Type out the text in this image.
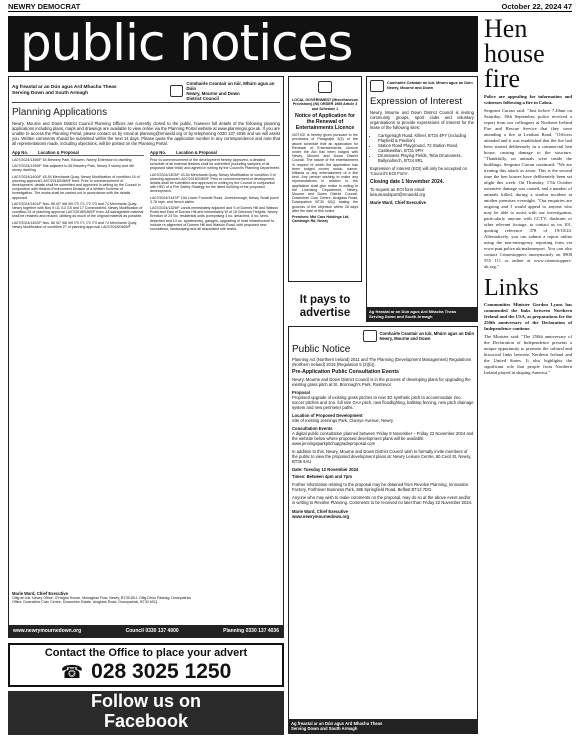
NEWRY DEMOCRAT	October 22, 2024 47
public notices
Ag freastal ar an Dún agus Ard Mhacha Theas
Serving Down and South Armagh
Comhairle Ceantair an Iúir, Mhúrn agus an Dúin
Newry, Mourne and Down
District Council
Planning Applications

Newry, Mourne and Down District Council Planning Offices are currently closed to the public, however full details of the following planning applications including plans, maps and drawings are available to view online via the Planning Portal website at www.planningni.gov.uk. If you are unable to access the Planning Portal, please contact us by email at planning@nmandd.org or by telephoning 0330 137 4036 and we will assist you. Written comments should be submitted within the next 14 days. Please quote the application number in any correspondence and note that all representations made, including objections, will be posted on the Planning Portal.

App No. Location & Proposal

LA07/2024/1398/F 54 Brewery Park, Killowen, Newry Extension to dwelling

LA07/2024/1399/F Site adjacent to 56 Brewery Park, Newry 3 storey and 4th storey dwelling

LA07/2024/1400/F 45-54 Merchants Quay, Newry Modification of condition 16 of planning approval LA07/2018/0469/F from: Prior to commencement of development, details shall be submitted and approved in writing by the Council in conjunction with Historic Environment Division of a Written Scheme of Investigation. The works shall be carried out in accordance with the details approved.

LA07/2024/1401/F Nos. 66 /67 /68 /69 /70 /71 /72 /73 and 74 Merchants Quay, Newry together with Nos 9 /11 /13 /15 and 17 Commonfield, Newry Modification of condition 24 of planning approval LA07/2018/0469/F from: All salvageable material shall be retained and reused, utilising as much of the original material as possible.

LA07/2024/1402/F Nos. 66 /67 /68 /69 /70 /71 /72 /73 and 74 Merchants Quay, Newry Modification of condition 27 of planning approval LA07/2018/0469/F

App No. Location & Proposal

Prior to commencement of the development hereby approved, a detailed schedule of all external finishes shall be submitted (including samples of all proposed slate brick) and agreed in writing by the Council's Planning Department.

LA07/2024/1403/F 43-54 Merchants Quay, Newry Modification of condition 3 of planning approval LA07/2018/0469/F. Prior to commencement of development, details shall be submitted and approved in writing by the Council in conjunction with HED of a Fire Safety Strategy for the listed building of the proposed development.

LA07/2024/1347/F 19A Lower Fourmile Road, Jonesborough, Newry Small porch 3.78 sqm. and french aisles

LA07/2024/1329/F Lands immediately adjacent and S of Dornes Hill and Watson Road and East of Dornes Hill and immediately W of 18 Glenrock Heights, Newry Erection of 24 No. residential units (comprising 4 no. detached, 6 no. semi-detached and 14 no. apartments), garages, upgrading of road infrastructure to include re-alignment of Dornes Hill and Watson Road, with proposed new roundabout, landscaping and all associated site works.

Marie Ward, Chief Executive
Oifig an Iúir, Newry Office: O'Hagan House, Monaghan Row, Newry, BT35 8DJ. Oifig Dhún Pádraig, Downpatrick Office: Downshire Civic Centre, Downshire Estate, Ardglass Road, Downpatrick, BT30 6GQ.
www.newrymournedown.org	Council 0330 137 4000	Planning 0330 137 4036
Contact the Office to place your advert
☎ 028 3025 1250
Follow us on
Facebook

LOCAL GOVERNMENT (Miscellaneous Provisions) (NI) ORDER 1985 Article 3 and Schedule 1

Notice of Application for the Renewal of Entertainments Licence

NOTICE is hereby given pursuant to the provisions of Paragraph 3(3) of the above schedule that an application for Renewal of Entertainments Licence under the Act has been lodged with Newry, Mourne and Down District Council. The nature of the entertainment in respect of which the application has been lodged covers music, dance, billiards or any entertainment of a like kind. Any person wishing to make any representations in relation to the application shall give notice in writing to the Licensing Department, Newry, Mourne and Down District Council, Downshire Civic Centre, Ardglass Road, Downpatrick BT30 6GQ stating the grounds of the objection within 28 days after the date of this notice.

Premises: Mid Cars Holdings Ltd, Camlough Rd, Newry

It pays to
advertise
Comhairle Ceantair an Iúir, Mhúrn agus an Dúin
Newry, Mourne and Down
Expression of Interest

Newry, Mourne and Down District Council is inviting community groups, sport clubs and voluntary organisations to provide expressions of interest for the lease of the following sites:

• Carrigenagh Road, Killeel, BT34 4PY (including Playfield & Pavilion)
• Station Road Playground, 72 Station Road, Castlewellan, BT31 9PH
• Drumaness Playing Fields, Teba Drumaness, Ballynahinch, BT24 8RL

Expression of interest (EOI) will only be accepted on 'Council's EOI Form'.

Closing date 1 November 2024.

To request an EOI form email leisureandsport@nmandd.org

Marie Ward, Chief Executive

Ag freastal ar an Dún agus Ard Mhacha Theas
Serving Down and South Armagh
Comhairle Ceantair an Iúir, Mhúrn agus an Dúin
Newry, Mourne and Down
Public Notice

Planning Act (Northern Ireland) 2011 and The Planning (Development Management) Regulations (Northern Ireland) 2015 (Regulation 5 (2)(b)).

Pre-Application Public Consultation Events

Newry, Mourne and Down District Council is in the process of developing plans for upgrading the existing grass pitch at St. Bronnagh's Park, Rostrevor.

Proposal

Proposed upgrade of existing grass pitches to new 3G synthetic pitch to accommodate 2no. soccer pitches and 1no. full size GAA pitch, new floodlighting, ballstop fencing, new pitch drainage system and new perimeter paths.

Location of Proposed Development

Site of existing Jennings Park, Clanrye Avenue, Newry.

Consultation Events

A digital public consultation planned between Friday 8 November – Friday 22 November 2024 and the website below where proposed development plans will be available: www.jenningsparkpitchupgradeproposal.com

In addition to this, Newry, Mourne and Down District Council wish to formally invite members of the public to view the proposed development plans at: Newry Leisure Centre, 60 Cecil St, Newry, BT35 6AU

Date: Tuesday 12 November 2024

Times: Between 4pm and 7pm

Further information relating to the proposal may be obtained from Revolve Planning, Innovation Factory, Forthriver Business Park, 385 Springfield Road, Belfast BT12 7DG.

Anyone who may wish to make comments on the proposal, may do so at the above event and/or in writing to Revolve Planning. Comments to be received no later than Friday 22 November 2024.

Marie Ward, Chief Executive

www.newrymournedown.org

Ag freastal ar an Dún agus Ard Mhacha Theas
Serving Down and South Armagh
Hen house fire

Police are appealing for information and witnesses following a fire in Cabra.

Sergeant Curran said: "Just before 7.40am on Saturday, 19th September, police received a report from our colleagues at Northern Ireland Fire and Rescue Service that they were attending a fire at Letalian Road. "Officers attended and it was established that the fire had been started deliberately in a commercial hen house, causing damage to the structure. "Thankfully, no animals were inside the buildings. Sergeant Curran continued: "We are treating this attack as arson. This is the second time the hen houses have deliberately been set alight this week. On Thursday, 17th October extensive damage was caused, and a number of animals killed, during a similar incident at another premises overnight. "Our enquiries are ongoing and I would appeal to anyone who may be able to assist with our investigation, particularly anyone with CCTV, dashcam or other relevant footage, to contact us on 101, quoting reference 378 of 19/10/24. Alternatively, you can submit a report online using the non-emergency reporting form via www.psni.police.uk/makeareport. You can also contact Crimestoppers anonymously on 0800 555 111 or online at www.crimestoppers-uk.org."

Links

Communities Minister Gordon Lyons has commended the links between Northern Ireland and the USA, as preparations for the 250th anniversary of the Declaration of Independence continue.

The Minister said: "The 250th anniversary of the Declaration of Independence presents a unique opportunity to promote the cultural and historical links between Northern Ireland and the United States. It also highlights the significant role that people from Northern Ireland played in shaping America."
